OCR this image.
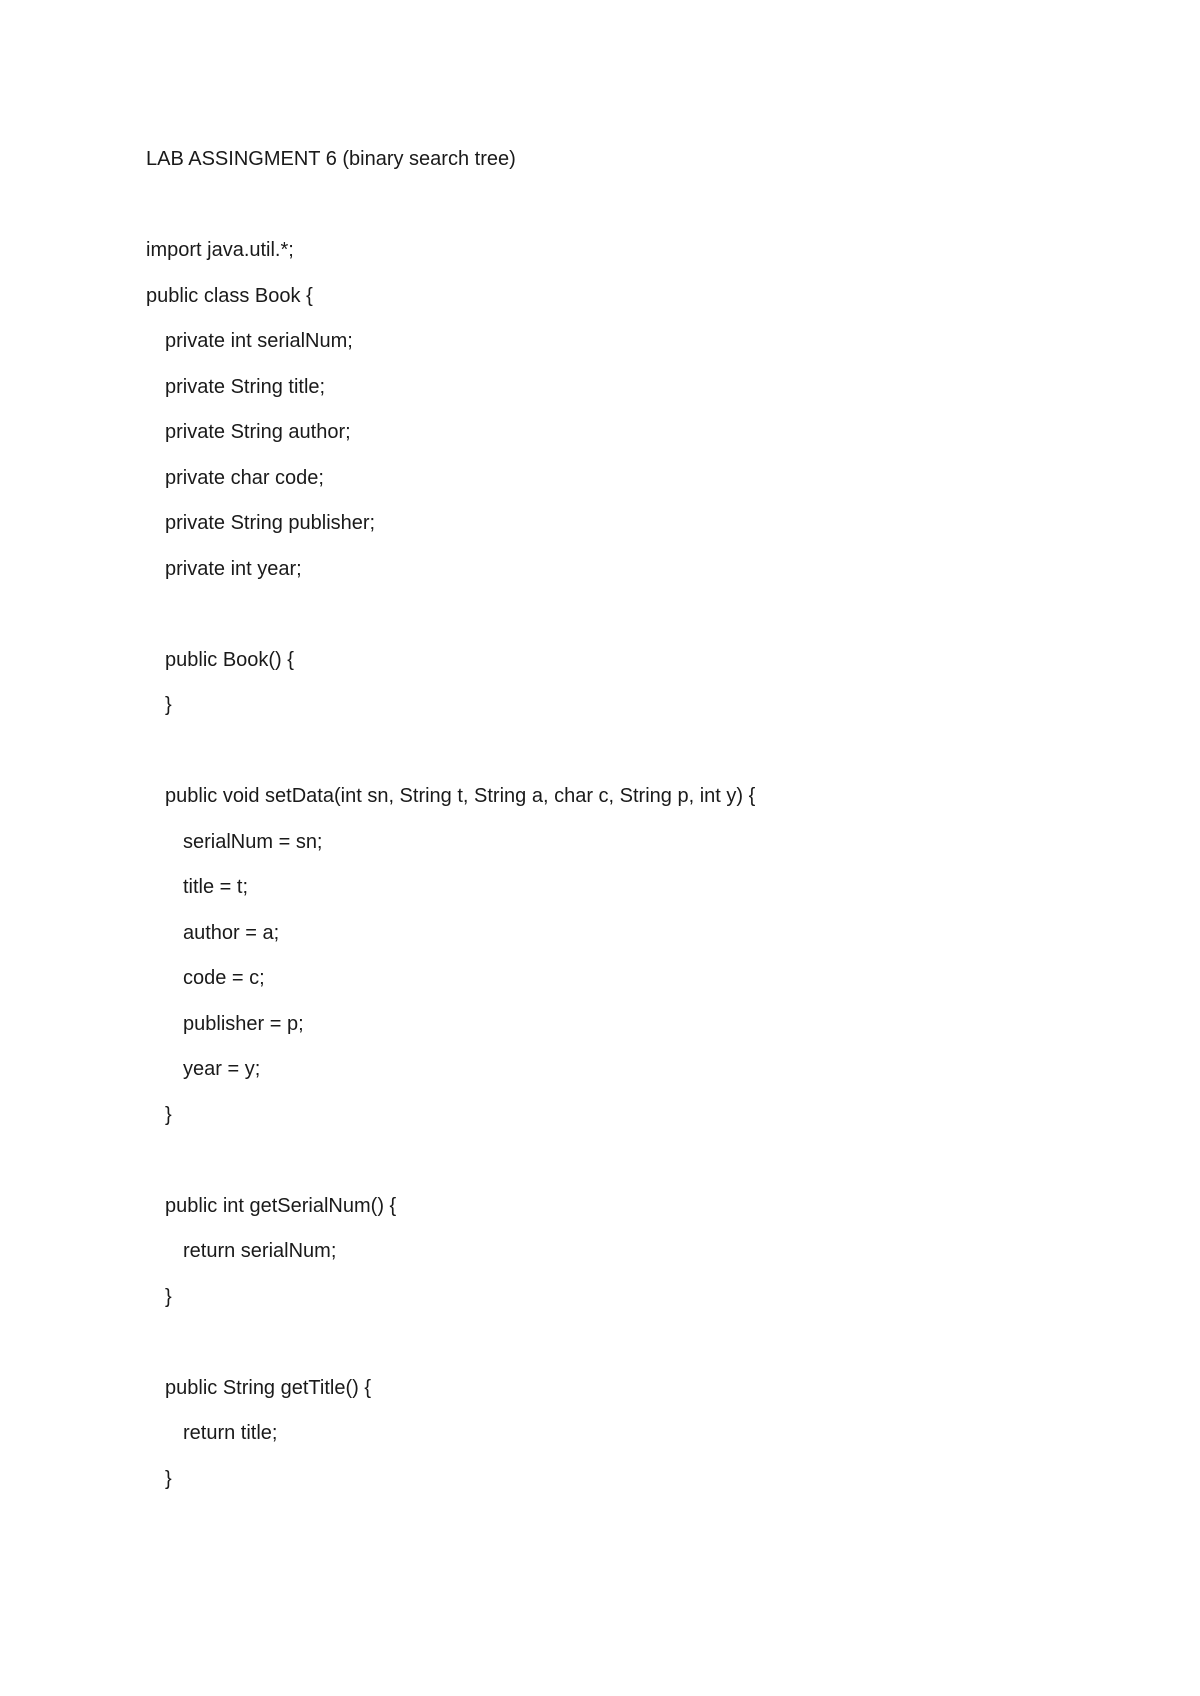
LAB ASSINGMENT 6 (binary search tree)
import java.util.*;
public class Book {
private int serialNum;
private String title;
private String author;
private char code;
private String publisher;
private int year;
public Book() {
}
public void setData(int sn, String t, String a, char c, String p, int y) {
serialNum = sn;
title = t;
author = a;
code = c;
publisher = p;
year = y;
}
public int getSerialNum() {
return serialNum;
}
public String getTitle() {
return title;
}
